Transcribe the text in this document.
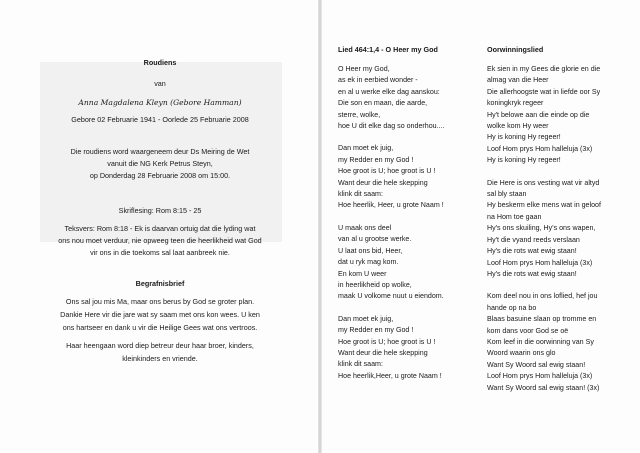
Roudiens
van
Anna Magdalena Kleyn (Gebore Hamman)
Gebore 02 Februarie 1941 - Oorlede 25 Februarie 2008
Die roudiens word waargeneem deur Ds Meiring de Wet
vanuit die NG Kerk Petrus Steyn,
op Donderdag 28 Februarie 2008 om 15:00.
Skriflesing: Rom 8:15 - 25
Teksvers: Rom 8:18 - Ek is daarvan ortuig dat die lyding wat
ons nou moet verduur, nie opweeg teen die heerlikheid wat God
vir ons in die toekoms sal laat aanbreek nie.
Begrafnisbrief
Ons sal jou mis Ma, maar ons berus by God se groter plan.
Dankie Here vir die jare wat sy saam met ons kon wees. U ken
ons hartseer en dank u vir die Heilige Gees wat ons vertroos.
Haar heengaan word diep betreur deur haar broer, kinders,
kleinkinders en vriende.
Lied 464:1,4 - O Heer my God
O Heer my God,
as ek in eerbied wonder -
en al u werke elke dag aanskou:
Die son en maan, die aarde,
sterre, wolke,
hoe U dit elke dag so onderhou....
Dan moet ek juig,
my Redder en my God !
Hoe groot is U; hoe groot is U !
Want deur die hele skepping
klink dit saam:
Hoe heerlik, Heer, u grote Naam !
U maak ons deel
van al u grootse werke.
U laat ons bid, Heer,
dat u ryk mag kom.
En kom U weer
in heerlikheid op wolke,
maak U volkome nuut u eiendom.
Dan moet ek juig,
my Redder en my God !
Hoe groot is U; hoe groot is U !
Want deur die hele skepping
klink dit saam:
Hoe heerlik,Heer, u grote Naam !
Oorwinningslied
Ek sien in my Gees die glorie en die
almag van die Heer
Die allerhoogste wat in liefde oor Sy
koningkryk regeer
Hy't belowe aan die einde op die
wolke kom Hy weer
Hy is koning Hy regeer!
Loof Hom prys Hom halleluja (3x)
Hy is koning Hy regeer!
Die Here is ons vesting wat vir altyd
sal bly staan
Hy beskerm elke mens wat in geloof
na Hom toe gaan
Hy's ons skuiling, Hy's ons wapen,
Hy't die vyand reeds verslaan
Hy's die rots wat ewig staan!
Loof Hom prys Hom halleluja (3x)
Hy's die rots wat ewig staan!
Kom deel nou in ons loflied, hef jou
hande op na bo
Blaas basuine slaan op tromme en
kom dans voor God se oë
Kom leef in die oorwinning van Sy
Woord waarin ons glo
Want Sy Woord sal ewig staan!
Loof Hom prys Hom halleluja (3x)
Want Sy Woord sal ewig staan! (3x)
